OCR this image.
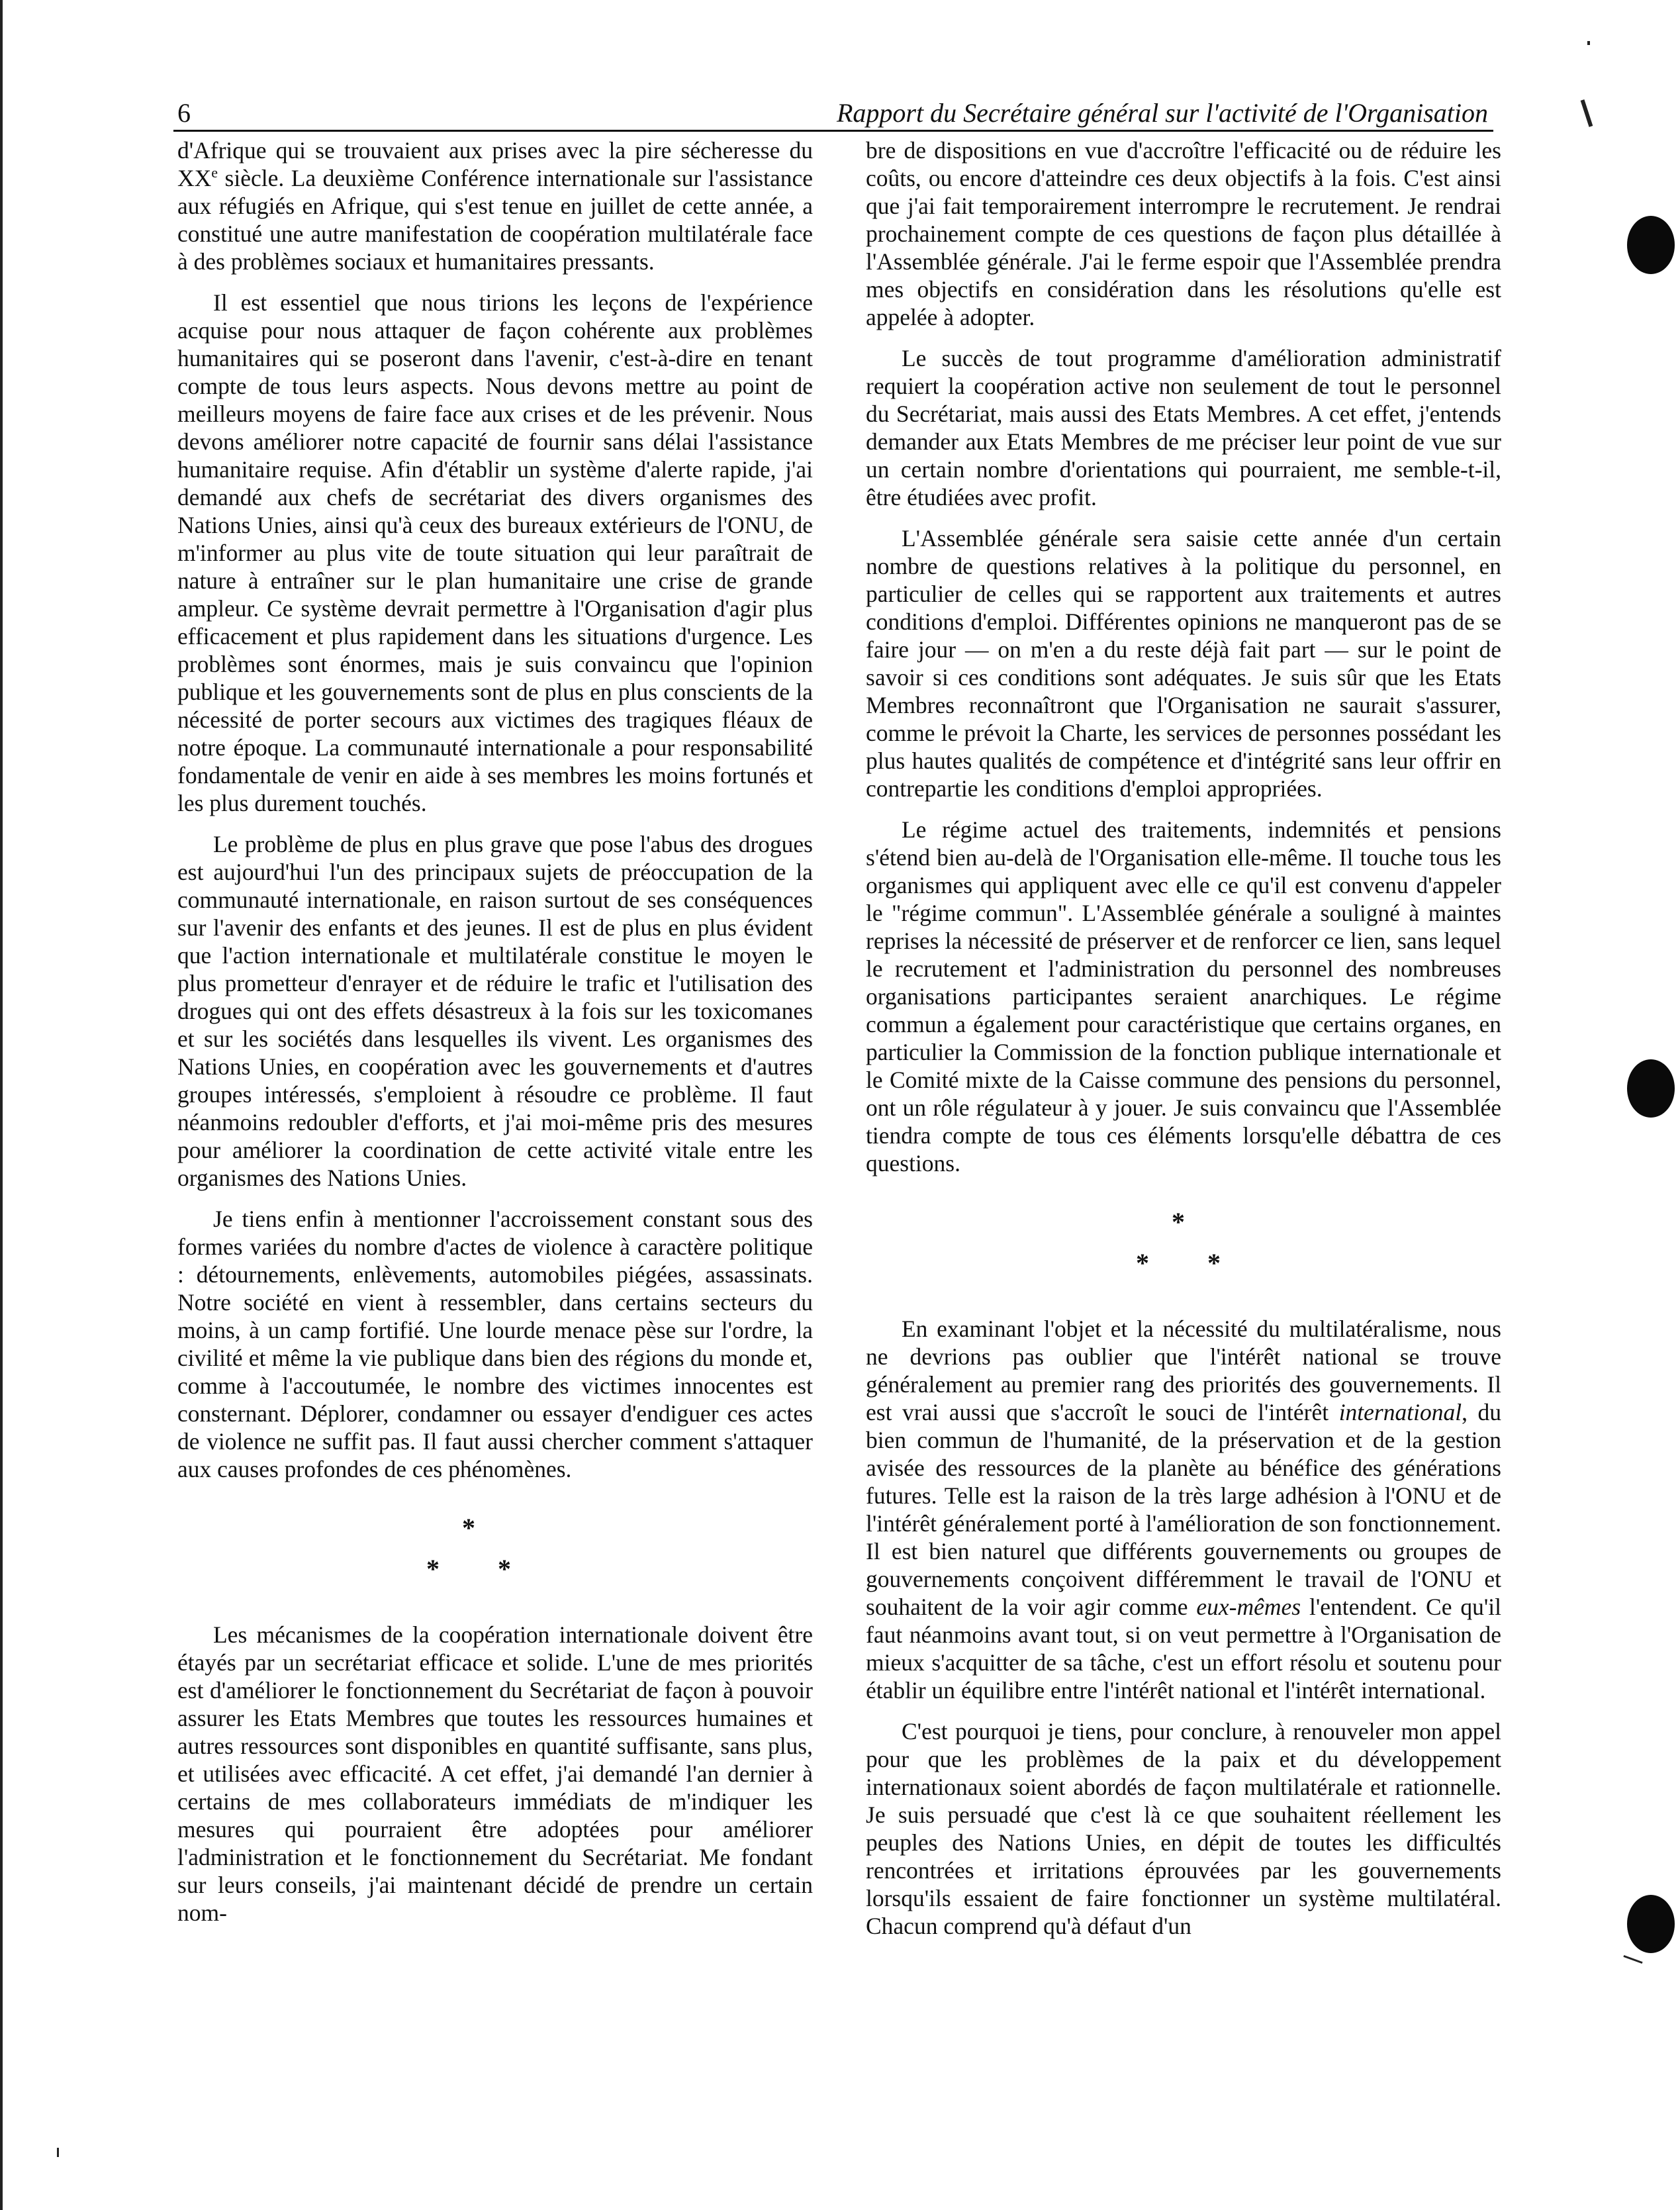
6	Rapport du Secrétaire général sur l'activité de l'Organisation

d'Afrique qui se trouvaient aux prises avec la pire sécheresse du XXe siècle. La deuxième Conférence internationale sur l'assistance aux réfugiés en Afrique, qui s'est tenue en juillet de cette année, a constitué une autre manifestation de coopération multilatérale face à des problèmes sociaux et humanitaires pressants.

Il est essentiel que nous tirions les leçons de l'expérience acquise pour nous attaquer de façon cohérente aux problèmes humanitaires qui se poseront dans l'avenir, c'est-à-dire en tenant compte de tous leurs aspects. Nous devons mettre au point de meilleurs moyens de faire face aux crises et de les prévenir. Nous devons améliorer notre capacité de fournir sans délai l'assistance humanitaire requise. Afin d'établir un système d'alerte rapide, j'ai demandé aux chefs de secrétariat des divers organismes des Nations Unies, ainsi qu'à ceux des bureaux extérieurs de l'ONU, de m'informer au plus vite de toute situation qui leur paraîtrait de nature à entraîner sur le plan humanitaire une crise de grande ampleur. Ce système devrait permettre à l'Organisation d'agir plus efficacement et plus rapidement dans les situations d'urgence. Les problèmes sont énormes, mais je suis convaincu que l'opinion publique et les gouvernements sont de plus en plus conscients de la nécessité de porter secours aux victimes des tragiques fléaux de notre époque. La communauté internationale a pour responsabilité fondamentale de venir en aide à ses membres les moins fortunés et les plus durement touchés.

Le problème de plus en plus grave que pose l'abus des drogues est aujourd'hui l'un des principaux sujets de préoccupation de la communauté internationale, en raison surtout de ses conséquences sur l'avenir des enfants et des jeunes. Il est de plus en plus évident que l'action internationale et multilatérale constitue le moyen le plus prometteur d'enrayer et de réduire le trafic et l'utilisation des drogues qui ont des effets désastreux à la fois sur les toxicomanes et sur les sociétés dans lesquelles ils vivent. Les organismes des Nations Unies, en coopération avec les gouvernements et d'autres groupes intéressés, s'emploient à résoudre ce problème. Il faut néanmoins redoubler d'efforts, et j'ai moi-même pris des mesures pour améliorer la coordination de cette activité vitale entre les organismes des Nations Unies.

Je tiens enfin à mentionner l'accroissement constant sous des formes variées du nombre d'actes de violence à caractère politique : détournements, enlèvements, automobiles piégées, assassinats. Notre société en vient à ressembler, dans certains secteurs du moins, à un camp fortifié. Une lourde menace pèse sur l'ordre, la civilité et même la vie publique dans bien des régions du monde et, comme à l'accoutumée, le nombre des victimes innocentes est consternant. Déplorer, condamner ou essayer d'endiguer ces actes de violence ne suffit pas. Il faut aussi chercher comment s'attaquer aux causes profondes de ces phénomènes.

*
* *

Les mécanismes de la coopération internationale doivent être étayés par un secrétariat efficace et solide. L'une de mes priorités est d'améliorer le fonctionnement du Secrétariat de façon à pouvoir assurer les Etats Membres que toutes les ressources humaines et autres ressources sont disponibles en quantité suffisante, sans plus, et utilisées avec efficacité. A cet effet, j'ai demandé l'an dernier à certains de mes collaborateurs immédiats de m'indiquer les mesures qui pourraient être adoptées pour améliorer l'administration et le fonctionnement du Secrétariat. Me fondant sur leurs conseils, j'ai maintenant décidé de prendre un certain nom-

bre de dispositions en vue d'accroître l'efficacité ou de réduire les coûts, ou encore d'atteindre ces deux objectifs à la fois. C'est ainsi que j'ai fait temporairement interrompre le recrutement. Je rendrai prochainement compte de ces questions de façon plus détaillée à l'Assemblée générale. J'ai le ferme espoir que l'Assemblée prendra mes objectifs en considération dans les résolutions qu'elle est appelée à adopter.

Le succès de tout programme d'amélioration administratif requiert la coopération active non seulement de tout le personnel du Secrétariat, mais aussi des Etats Membres. A cet effet, j'entends demander aux Etats Membres de me préciser leur point de vue sur un certain nombre d'orientations qui pourraient, me semble-t-il, être étudiées avec profit.

L'Assemblée générale sera saisie cette année d'un certain nombre de questions relatives à la politique du personnel, en particulier de celles qui se rapportent aux traitements et autres conditions d'emploi. Différentes opinions ne manqueront pas de se faire jour — on m'en a du reste déjà fait part — sur le point de savoir si ces conditions sont adéquates. Je suis sûr que les Etats Membres reconnaîtront que l'Organisation ne saurait s'assurer, comme le prévoit la Charte, les services de personnes possédant les plus hautes qualités de compétence et d'intégrité sans leur offrir en contrepartie les conditions d'emploi appropriées.

Le régime actuel des traitements, indemnités et pensions s'étend bien au-delà de l'Organisation elle-même. Il touche tous les organismes qui appliquent avec elle ce qu'il est convenu d'appeler le "régime commun". L'Assemblée générale a souligné à maintes reprises la nécessité de préserver et de renforcer ce lien, sans lequel le recrutement et l'administration du personnel des nombreuses organisations participantes seraient anarchiques. Le régime commun a également pour caractéristique que certains organes, en particulier la Commission de la fonction publique internationale et le Comité mixte de la Caisse commune des pensions du personnel, ont un rôle régulateur à y jouer. Je suis convaincu que l'Assemblée tiendra compte de tous ces éléments lorsqu'elle débattra de ces questions.

*
* *

En examinant l'objet et la nécessité du multilatéralisme, nous ne devrions pas oublier que l'intérêt national se trouve généralement au premier rang des priorités des gouvernements. Il est vrai aussi que s'accroît le souci de l'intérêt international, du bien commun de l'humanité, de la préservation et de la gestion avisée des ressources de la planète au bénéfice des générations futures. Telle est la raison de la très large adhésion à l'ONU et de l'intérêt généralement porté à l'amélioration de son fonctionnement. Il est bien naturel que différents gouvernements ou groupes de gouvernements conçoivent différemment le travail de l'ONU et souhaitent de la voir agir comme eux-mêmes l'entendent. Ce qu'il faut néanmoins avant tout, si on veut permettre à l'Organisation de mieux s'acquitter de sa tâche, c'est un effort résolu et soutenu pour établir un équilibre entre l'intérêt national et l'intérêt international.

C'est pourquoi je tiens, pour conclure, à renouveler mon appel pour que les problèmes de la paix et du développement internationaux soient abordés de façon multilatérale et rationnelle. Je suis persuadé que c'est là ce que souhaitent réellement les peuples des Nations Unies, en dépit de toutes les difficultés rencontrées et irritations éprouvées par les gouvernements lorsqu'ils essaient de faire fonctionner un système multilatéral. Chacun comprend qu'à défaut d'un
